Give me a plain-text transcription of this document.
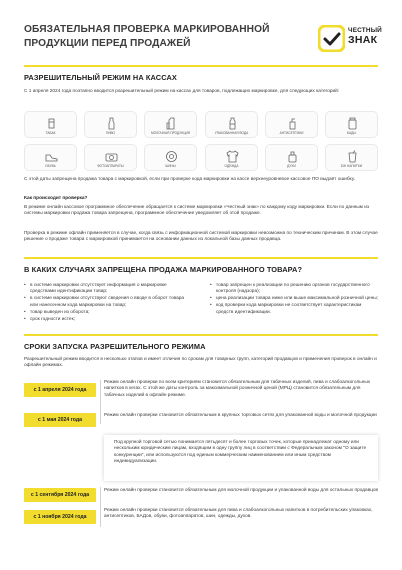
ОБЯЗАТЕЛЬНАЯ ПРОВЕРКА МАРКИРОВАННОЙ
ПРОДУКЦИИ ПЕРЕД ПРОДАЖЕЙ
ЧЕСТНЫЙ
ЗНАК
РАЗРЕШИТЕЛЬНЫЙ РЕЖИМ НА КАССАХ
С 1 апреля 2024 года поэтапно вводится разрешительный режим на кассах для товаров, подлежащих маркировке, для следующих категорий:
ТАБАК	ПИВО	МОЛОЧНАЯ ПРОДУКЦИЯ	УПАКОВАННАЯ ВОДА	АНТИСЕПТИКИ	БАДЫ
ОБУВЬ	ФОТОАППАРАТЫ	ШИНЫ	ОДЕЖДА	ДУХИ	БЖ НАПИТКИ
С этой даты запрещена продажа товара с маркировкой, если при проверке кода маркировки на кассе верхнеуровневое кассовое ПО выдаёт ошибку.
Как происходит проверка?
В режиме онлайн кассовое программное обеспечение обращается к системе маркировки «Честный знак» по каждому коду маркировки. Если по данным из системы маркировки продажа товара запрещена, программное обеспечение уведомляет об этой продаже.
Проверка в режиме офлайн применяется в случае, когда связь с информационной системой маркировки невозможна по техническим причинам. В этом случае решение о продаже товара с маркировкой принимается на основании данных из локальной базы данных продавца.
В КАКИХ СЛУЧАЯХ ЗАПРЕЩЕНА ПРОДАЖА МАРКИРОВАННОГО ТОВАРА?
• в системе маркировки отсутствует информация о маркировке средствами идентификации товар;
• в системе маркировки отсутствуют сведения о вводе в оборот товара или нанесенном кода маркировки на товар;
• товар выведен из оборота;
• срок годности истек;
• товар запрещен к реализации по решению органов государственного контроля (надзора);
• цена реализации товара ниже или выше максимальной розничной цены;
• код проверки кода маркировки не соответствует характеристикам средств идентификации.
СРОКИ ЗАПУСКА РАЗРЕШИТЕЛЬНОГО РЕЖИМА
Разрешительный режим вводится в несколько этапов и имеет отличия по срокам для товарных групп, категорий продавцов и применения проверок в онлайн и офлайн режимах.
с 1 апреля 2024 года
Режим онлайн проверки по всем критериям становится обязательным для табачных изделий, пива и слабоалкогольных напитков в кегах. С этой же даты контроль за максимальной розничной ценой (МРЦ) становится обязательным для табачных изделий в офлайн режиме.
с 1 мая 2024 года
Режим онлайн проверки становится обязательным в крупных торговых сетях для упакованной воды и молочной продукции
Под крупной торговой сетью понимается пятьдесят и более торговых точек, которые принадлежат одному или нескольким юридическим лицам, входящим в одну группу лиц в соответствии с Федеральным законом "О защите конкуренции", или используются под единым коммерческим наименованием или иным средством индивидуализации.
с 1 сентября 2024 года
Режим онлайн проверки становится обязательным для молочной продукции и упакованной воды для остальных продавцов
с 1 ноября 2024 года
Режим онлайн проверки становится обязательным для пива и слабоалкогольных напитков в потребительских упаковках, антисептиков, БАДов, обуви, фотоаппаратов, шин, одежды, духов.
